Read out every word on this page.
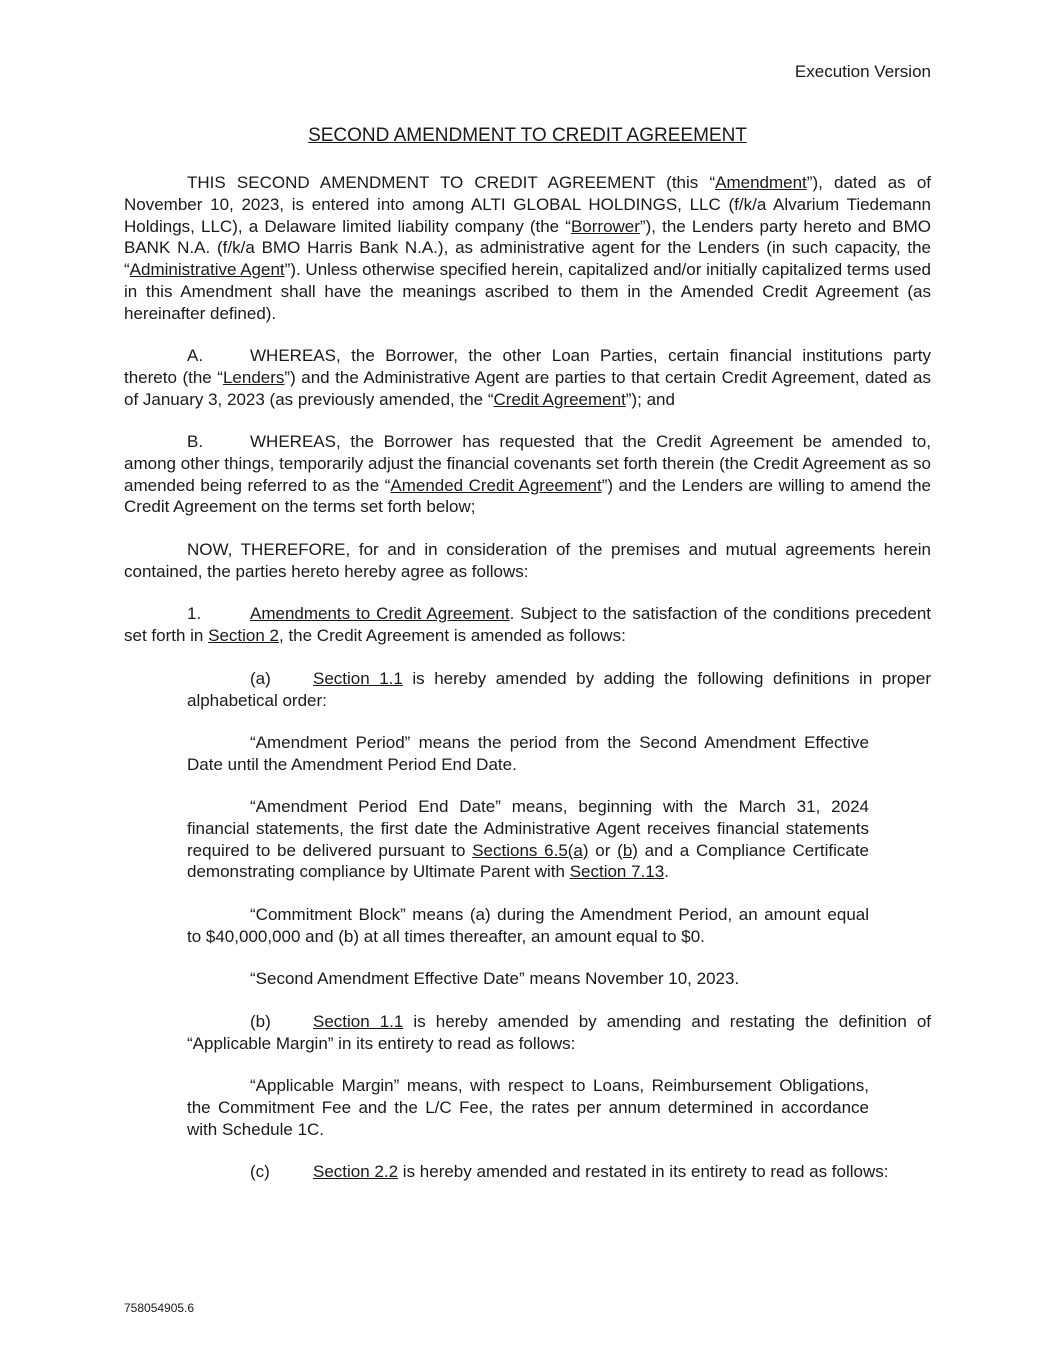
Execution Version
SECOND AMENDMENT TO CREDIT AGREEMENT
THIS SECOND AMENDMENT TO CREDIT AGREEMENT (this “Amendment”), dated as of November 10, 2023, is entered into among ALTI GLOBAL HOLDINGS, LLC (f/k/a Alvarium Tiedemann Holdings, LLC), a Delaware limited liability company (the “Borrower”), the Lenders party hereto and BMO BANK N.A. (f/k/a BMO Harris Bank N.A.), as administrative agent for the Lenders (in such capacity, the “Administrative Agent”). Unless otherwise specified herein, capitalized and/or initially capitalized terms used in this Amendment shall have the meanings ascribed to them in the Amended Credit Agreement (as hereinafter defined).
A.	WHEREAS, the Borrower, the other Loan Parties, certain financial institutions party thereto (the “Lenders”) and the Administrative Agent are parties to that certain Credit Agreement, dated as of January 3, 2023 (as previously amended, the “Credit Agreement”); and
B.	WHEREAS, the Borrower has requested that the Credit Agreement be amended to, among other things, temporarily adjust the financial covenants set forth therein (the Credit Agreement as so amended being referred to as the “Amended Credit Agreement”) and the Lenders are willing to amend the Credit Agreement on the terms set forth below;
NOW, THEREFORE, for and in consideration of the premises and mutual agreements herein contained, the parties hereto hereby agree as follows:
1.	Amendments to Credit Agreement. Subject to the satisfaction of the conditions precedent set forth in Section 2, the Credit Agreement is amended as follows:
(a) Section 1.1 is hereby amended by adding the following definitions in proper alphabetical order:
“Amendment Period” means the period from the Second Amendment Effective Date until the Amendment Period End Date.
“Amendment Period End Date” means, beginning with the March 31, 2024 financial statements, the first date the Administrative Agent receives financial statements required to be delivered pursuant to Sections 6.5(a) or (b) and a Compliance Certificate demonstrating compliance by Ultimate Parent with Section 7.13.
“Commitment Block” means (a) during the Amendment Period, an amount equal to $40,000,000 and (b) at all times thereafter, an amount equal to $0.
“Second Amendment Effective Date” means November 10, 2023.
(b) Section 1.1 is hereby amended by amending and restating the definition of “Applicable Margin” in its entirety to read as follows:
“Applicable Margin” means, with respect to Loans, Reimbursement Obligations, the Commitment Fee and the L/C Fee, the rates per annum determined in accordance with Schedule 1C.
(c)	Section 2.2 is hereby amended and restated in its entirety to read as follows:
758054905.6
